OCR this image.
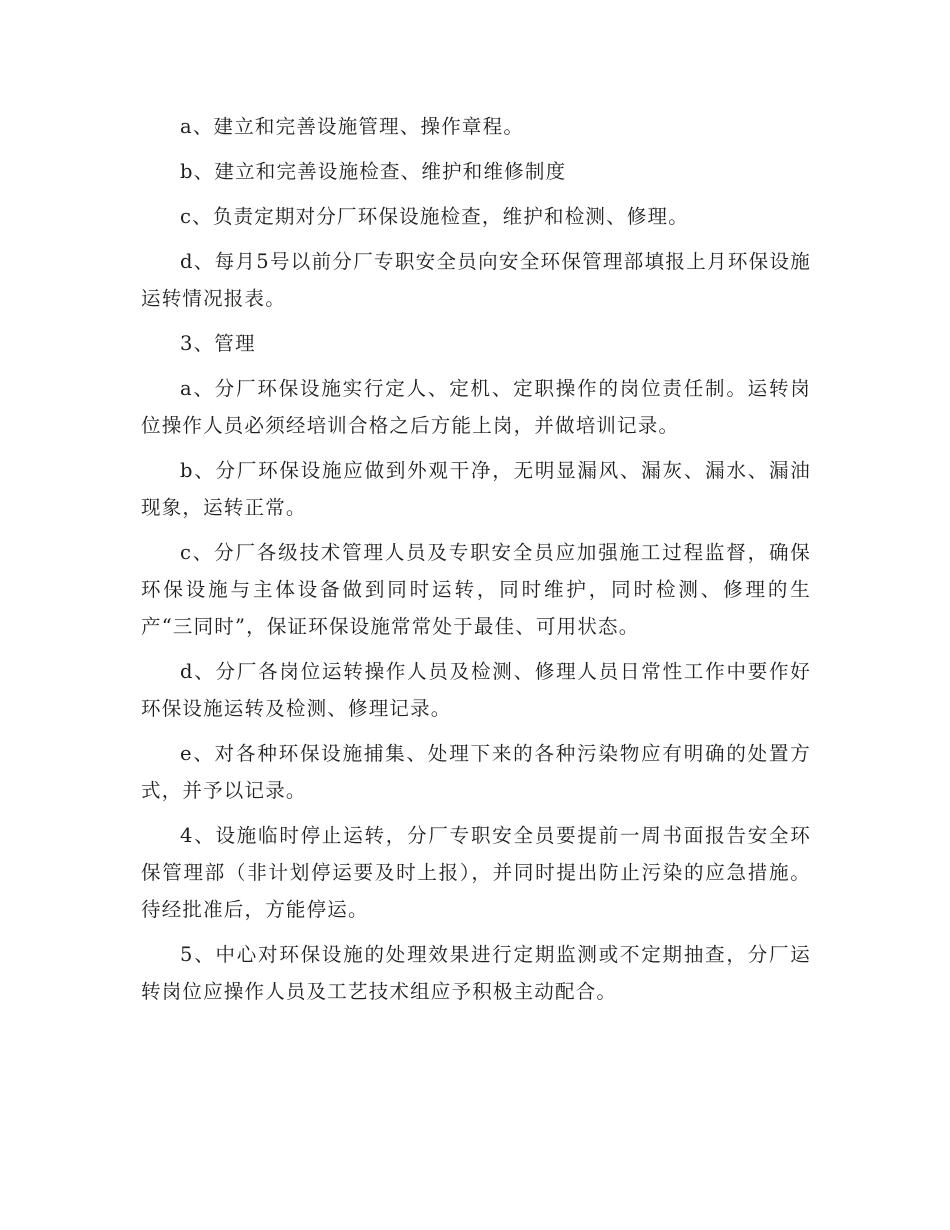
a、建立和完善设施管理、操作章程。

b、建立和完善设施检查、维护和维修制度

c、负责定期对分厂环保设施检查，维护和检测、修理。

d、每月5号以前分厂专职安全员向安全环保管理部填报上月环保设施运转情况报表。

3、管理

a、分厂环保设施实行定人、定机、定职操作的岗位责任制。运转岗位操作人员必须经培训合格之后方能上岗，并做培训记录。

b、分厂环保设施应做到外观干净，无明显漏风、漏灰、漏水、漏油现象，运转正常。

c、分厂各级技术管理人员及专职安全员应加强施工过程监督，确保环保设施与主体设备做到同时运转，同时维护，同时检测、修理的生产“三同时”，保证环保设施常常处于最佳、可用状态。

d、分厂各岗位运转操作人员及检测、修理人员日常性工作中要作好环保设施运转及检测、修理记录。

e、对各种环保设施捕集、处理下来的各种污染物应有明确的处置方式，并予以记录。

4、设施临时停止运转，分厂专职安全员要提前一周书面报告安全环保管理部（非计划停运要及时上报），并同时提出防止污染的应急措施。待经批准后，方能停运。

5、中心对环保设施的处理效果进行定期监测或不定期抽查，分厂运转岗位应操作人员及工艺技术组应予积极主动配合。
